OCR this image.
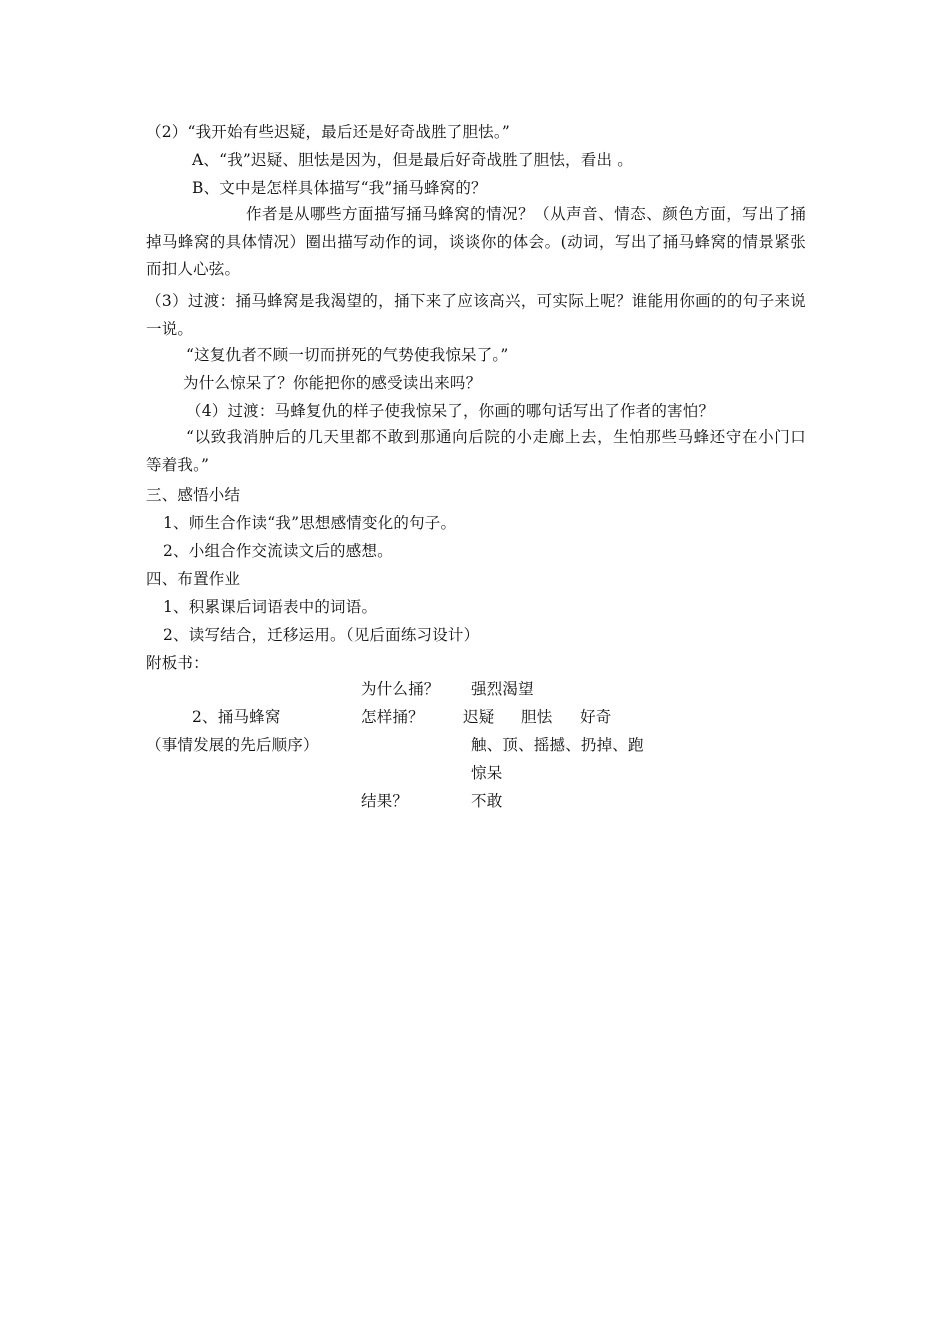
（2）“我开始有些迟疑，最后还是好奇战胜了胆怯。”
A、“我”迟疑、胆怯是因为，但是最后好奇战胜了胆怯，看出 。
B、文中是怎样具体描写“我”捅马蜂窝的？
作者是从哪些方面描写捅马蜂窝的情况？（从声音、情态、颜色方面，写出了捅掉马蜂窝的具体情况）圈出描写动作的词，谈谈你的体会。(动词，写出了捅马蜂窝的情景紧张而扣人心弦。
（3）过渡：捅马蜂窝是我渴望的，捅下来了应该高兴，可实际上呢？谁能用你画的的句子来说一说。
“这复仇者不顾一切而拼死的气势使我惊呆了。”
为什么惊呆了？你能把你的感受读出来吗？
（4）过渡：马蜂复仇的样子使我惊呆了，你画的哪句话写出了作者的害怕？
“以致我消肿后的几天里都不敢到那通向后院的小走廊上去，生怕那些马蜂还守在小门口等着我。”
三、感悟小结
1、师生合作读“我”思想感情变化的句子。
2、小组合作交流读文后的感想。
四、布置作业
1、积累课后词语表中的词语。
2、读写结合，迁移运用。（见后面练习设计）
附板书：
2、捅马蜂窝
（事情发展的先后顺序）
为什么捅？ 强烈渴望
怎样捅？	迟疑 胆怯 好奇
触、顶、摇撼、扔掉、跑
惊呆
结果？	不敢
